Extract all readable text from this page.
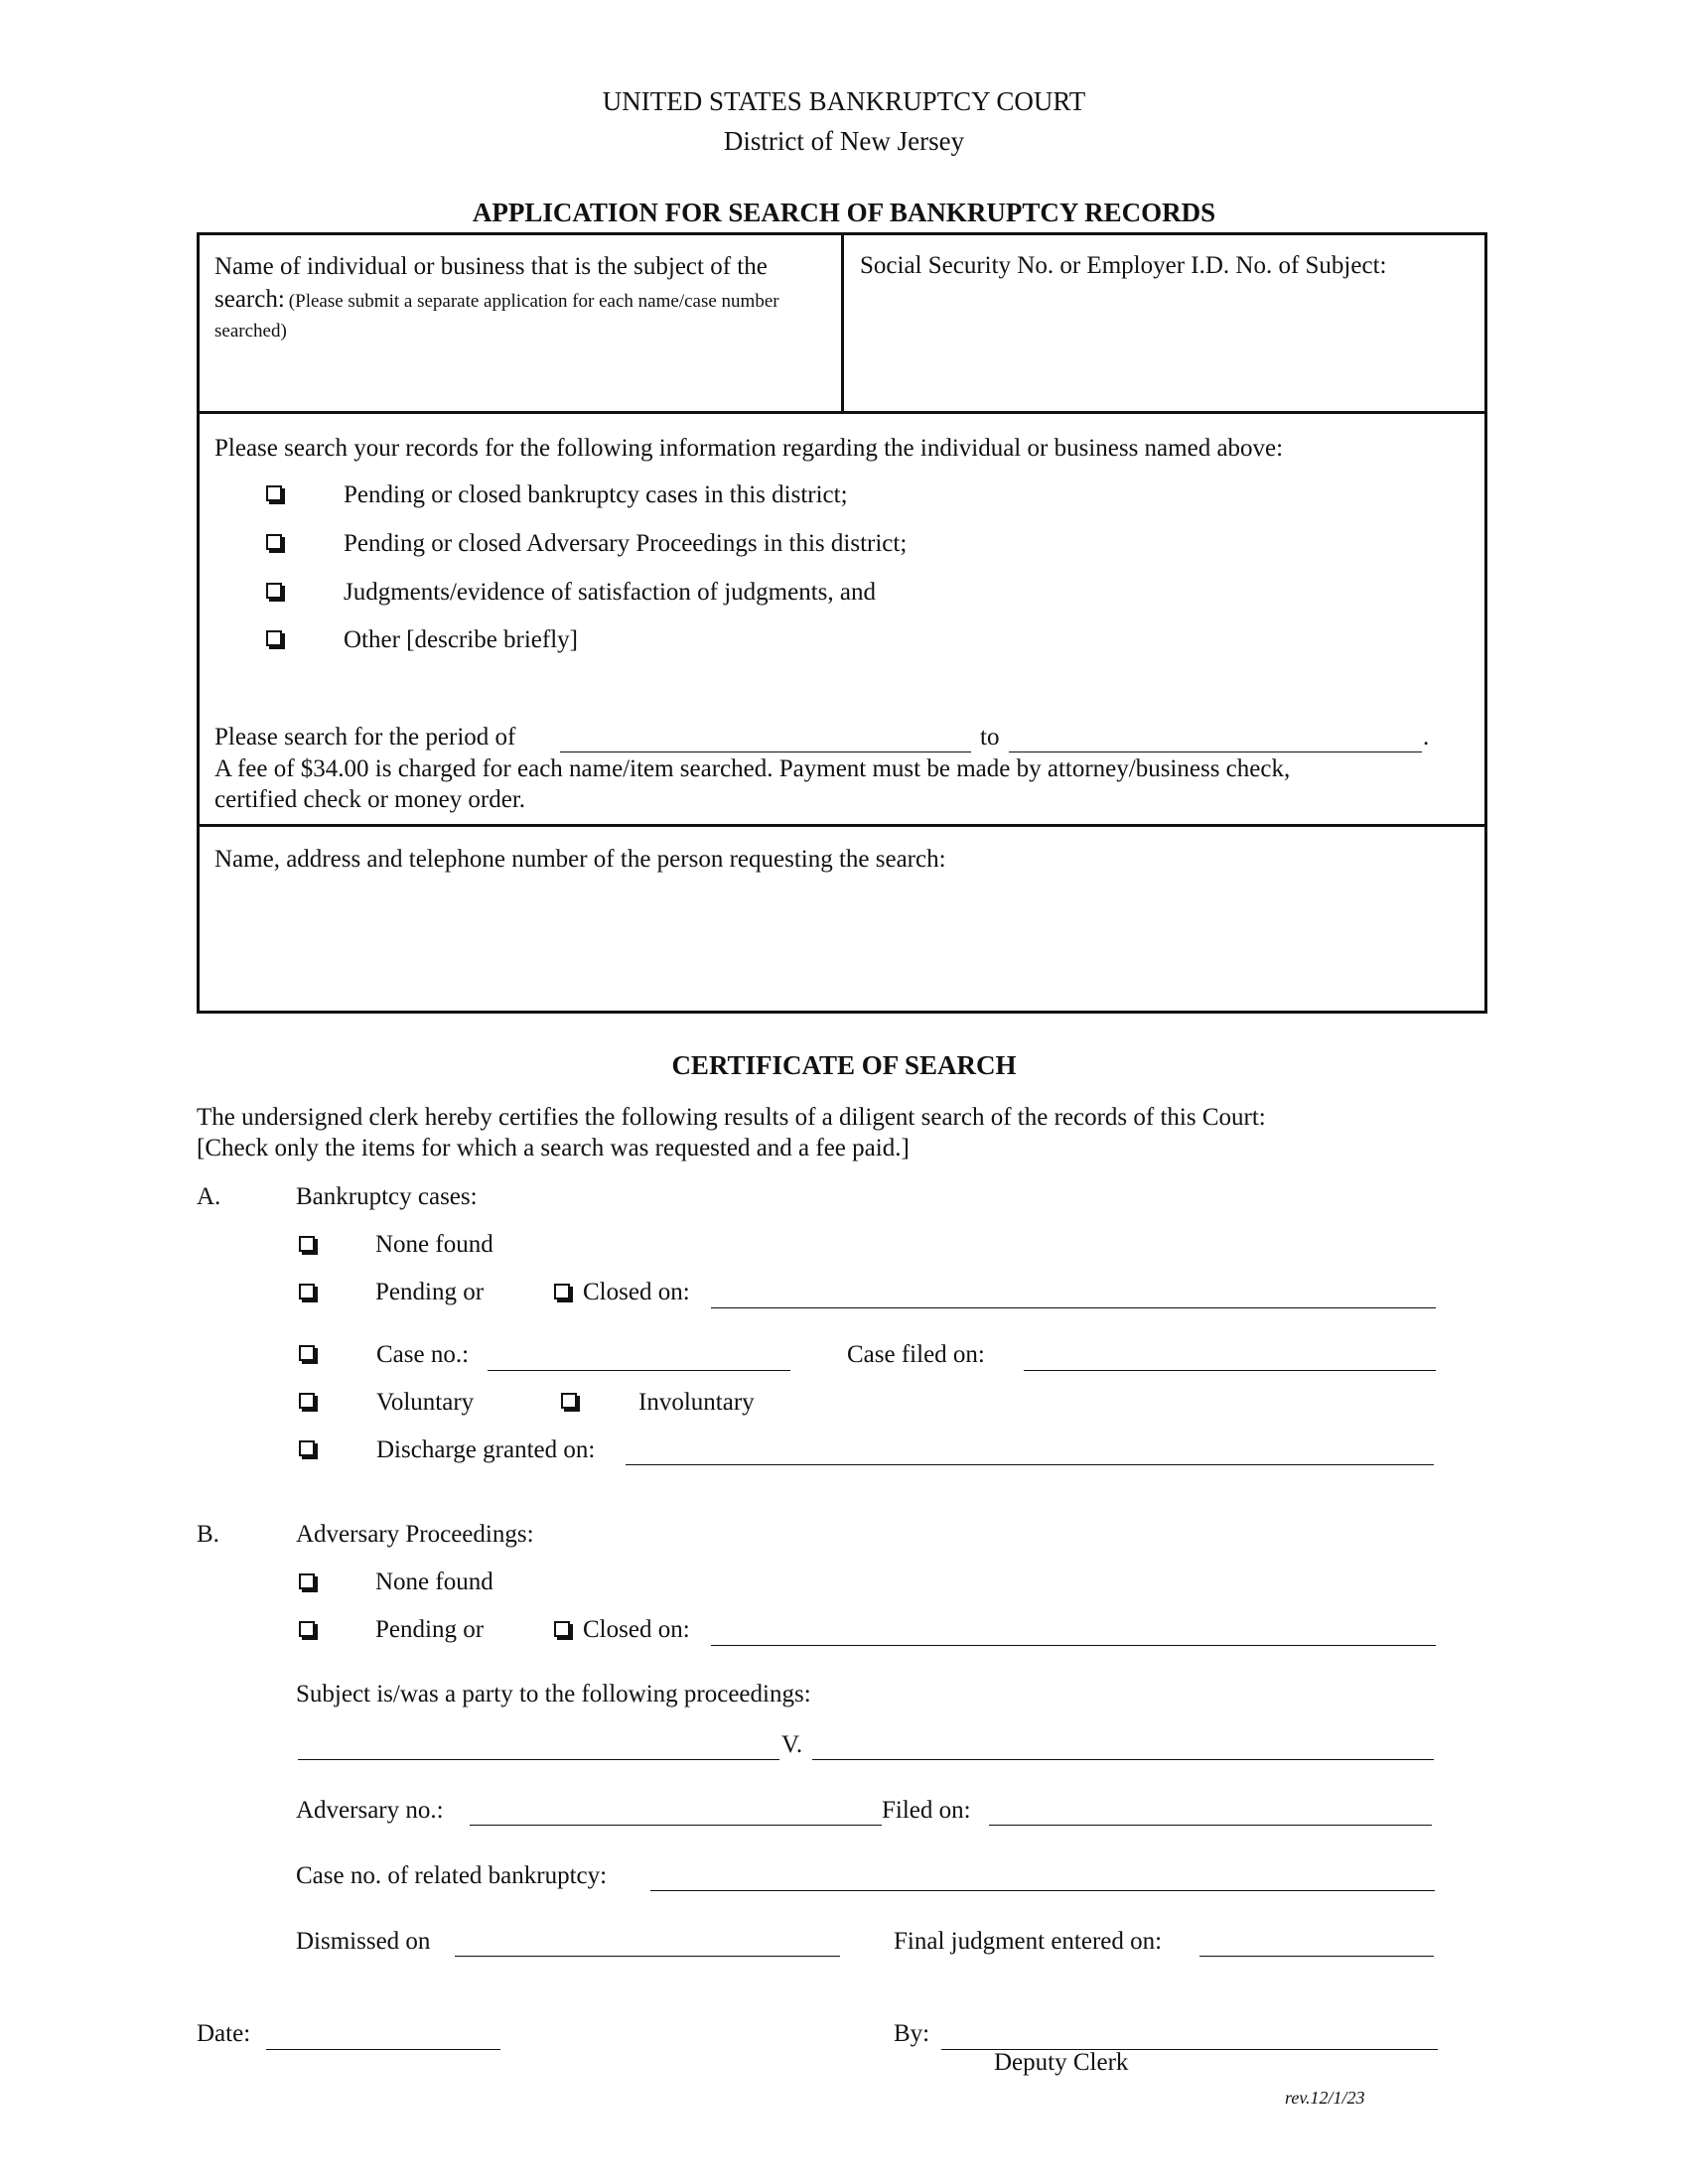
UNITED STATES BANKRUPTCY COURT
District of New Jersey
APPLICATION FOR SEARCH OF BANKRUPTCY RECORDS
Name of individual or business that is the subject of the search: (Please submit a separate application for each name/case number searched)
Social Security No. or Employer I.D. No. of Subject:
Please search your records for the following information regarding the individual or business named above:
Pending or closed bankruptcy cases in this district;
Pending or closed Adversary Proceedings in this district;
Judgments/evidence of satisfaction of judgments, and
Other [describe briefly]
Please search for the period of	to	.
A fee of $34.00 is charged for each name/item searched. Payment must be made by attorney/business check,
certified check or money order.
Name, address and telephone number of the person requesting the search:
CERTIFICATE OF SEARCH
The undersigned clerk hereby certifies the following results of a diligent search of the records of this Court:
[Check only the items for which a search was requested and a fee paid.]
A.	Bankruptcy cases:
None found
Pending or	Closed on:
Case no.:	Case filed on:
Voluntary	Involuntary
Discharge granted on:
B.	Adversary Proceedings:
None found
Pending or	Closed on:
Subject is/was a party to the following proceedings:
V.
Adversary no.:	Filed on:
Case no. of related bankruptcy:
Dismissed on	Final judgment entered on:
Date:	By:
Deputy Clerk
rev.12/1/23
